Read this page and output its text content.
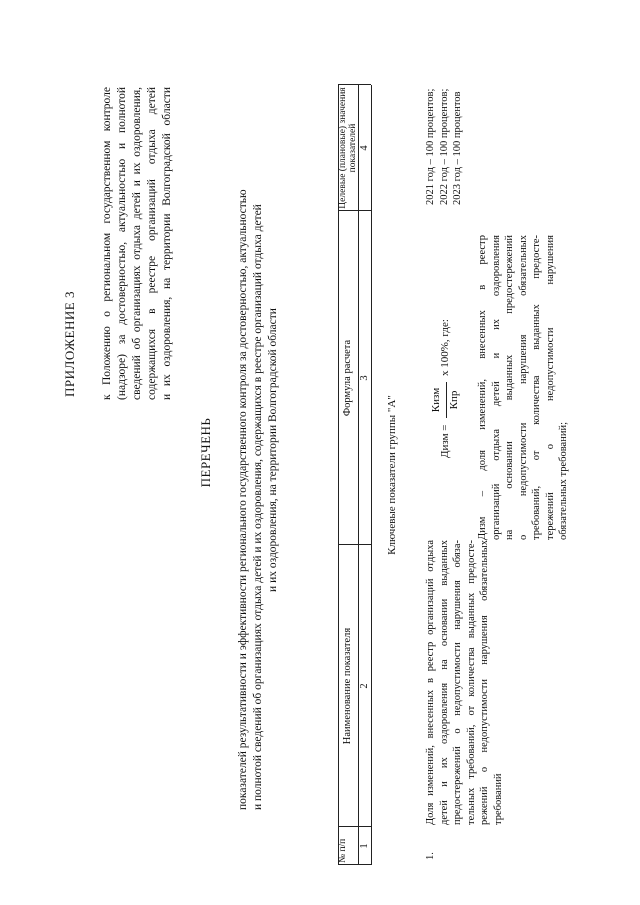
ПРИЛОЖЕНИЕ 3 к Положению о региональном государственном контроле (надзоре) за достоверностью, актуальностью и полнотой сведений об организациях отдыха детей и их оздоровления, содержащихся в реестре организаций отдыха детей и их оздоровления, на территории Волгоградской области

ПЕРЕЧЕНЬ показателей результативности и эффективности регионального государственного контроля за достоверностью, актуальностью и полнотой сведений об организациях отдыха детей и их оздоровления, содержащихся в реестре организаций отдыха детей и их оздоровления, на территории Волгоградской области
№ п/п
Наименование показателя
Формула расчета
Целевые (плановые) значения показателей
1
2
3
4
Ключевые показатели группы "А"
1.
Доля изменений, внесенных в реестр организаций отдыха детей и их оздоровления на основании выданных предостережений о недопустимости нарушения обяза- тельных требований, от количества выданных предосте- режений о недопустимости нарушения обязательных требований
Дизм =
Кизм Кпр
x 100%, где: Дизм – доля изменений, внесенных в реестр организаций отдыха детей и их оздоровления на основании выданных предостережений о недопустимости нарушения обязательных требований, от количества выданных предосте- тережений о недопустимости нарушения обязательных требований;
2021 год – 100 процентов; 2022 год – 100 процентов; 2023 год – 100 процентов
